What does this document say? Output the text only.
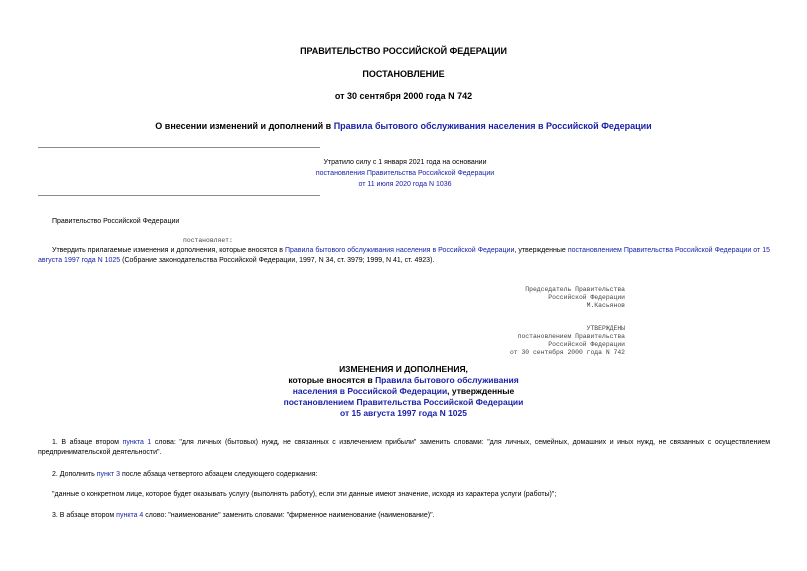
ПРАВИТЕЛЬСТВО РОССИЙСКОЙ ФЕДЕРАЦИИ
ПОСТАНОВЛЕНИЕ
от 30 сентября 2000 года N 742
О внесении изменений и дополнений в Правила бытового обслуживания населения в Российской Федерации
Утратило силу с 1 января 2021 года на основании
постановления Правительства Российской Федерации
от 11 июля 2020 года N 1036
Правительство Российской Федерации
постановляет:
Утвердить прилагаемые изменения и дополнения, которые вносятся в Правила бытового обслуживания населения в Российской Федерации, утвержденные постановлением Правительства Российской Федерации от 15 августа 1997 года N 1025 (Собрание законодательства Российской Федерации, 1997, N 34, ст. 3979; 1999, N 41, ст. 4923).
Председатель Правительства
Российской Федерации
М.Касьянов
УТВЕРЖДЕНЫ
постановлением Правительства
Российской Федерации
от 30 сентября 2000 года N 742
ИЗМЕНЕНИЯ И ДОПОЛНЕНИЯ,
которые вносятся в Правила бытового обслуживания
населения в Российской Федерации, утвержденные
постановлением Правительства Российской Федерации
от 15 августа 1997 года N 1025
1. В абзаце втором пункта 1 слова: "для личных (бытовых) нужд, не связанных с извлечением прибыли" заменить словами: "для личных, семейных, домашних и иных нужд, не связанных с осуществлением предпринимательской деятельности".
2. Дополнить пункт 3 после абзаца четвертого абзацем следующего содержания:
"данные о конкретном лице, которое будет оказывать услугу (выполнять работу), если эти данные имеют значение, исходя из характера услуги (работы)";
3. В абзаце втором пункта 4 слово: "наименование" заменить словами: "фирменное наименование (наименование)".
